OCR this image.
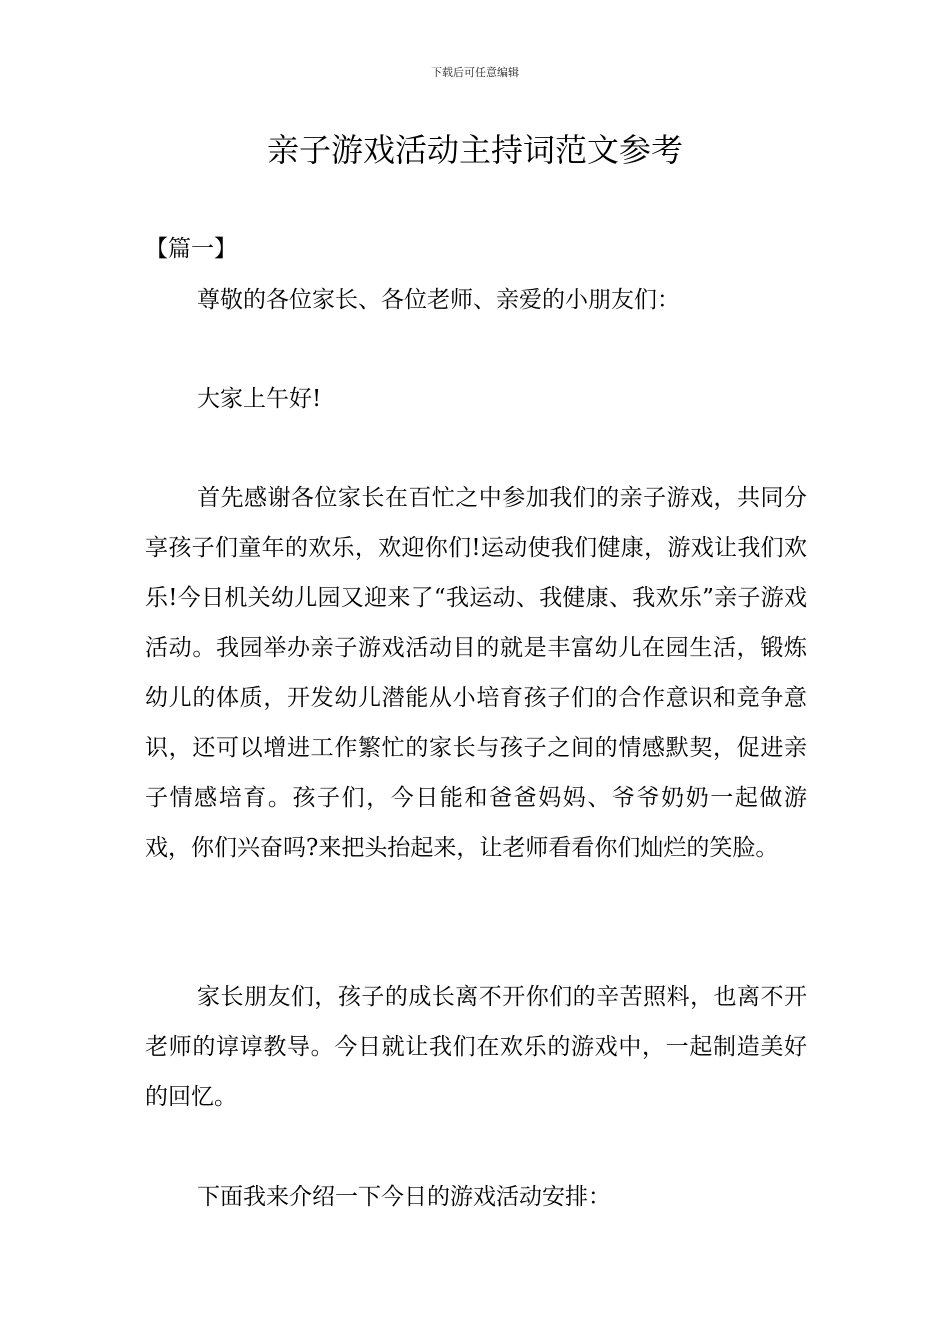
下载后可任意编辑
亲子游戏活动主持词范文参考
【篇一】

尊敬的各位家长、各位老师、亲爱的小朋友们：

大家上午好!

首先感谢各位家长在百忙之中参加我们的亲子游戏，共同分享孩子们童年的欢乐，欢迎你们!运动使我们健康，游戏让我们欢乐!今日机关幼儿园又迎来了“我运动、我健康、我欢乐”亲子游戏活动。我园举办亲子游戏活动目的就是丰富幼儿在园生活，锻炼幼儿的体质，开发幼儿潜能从小培育孩子们的合作意识和竞争意识，还可以增进工作繁忙的家长与孩子之间的情感默契，促进亲子情感培育。孩子们，今日能和爸爸妈妈、爷爷奶奶一起做游戏，你们兴奋吗?来把头抬起来，让老师看看你们灿烂的笑脸。

家长朋友们，孩子的成长离不开你们的辛苦照料，也离不开老师的谆谆教导。今日就让我们在欢乐的游戏中，一起制造美好的回忆。

下面我来介绍一下今日的游戏活动安排：
